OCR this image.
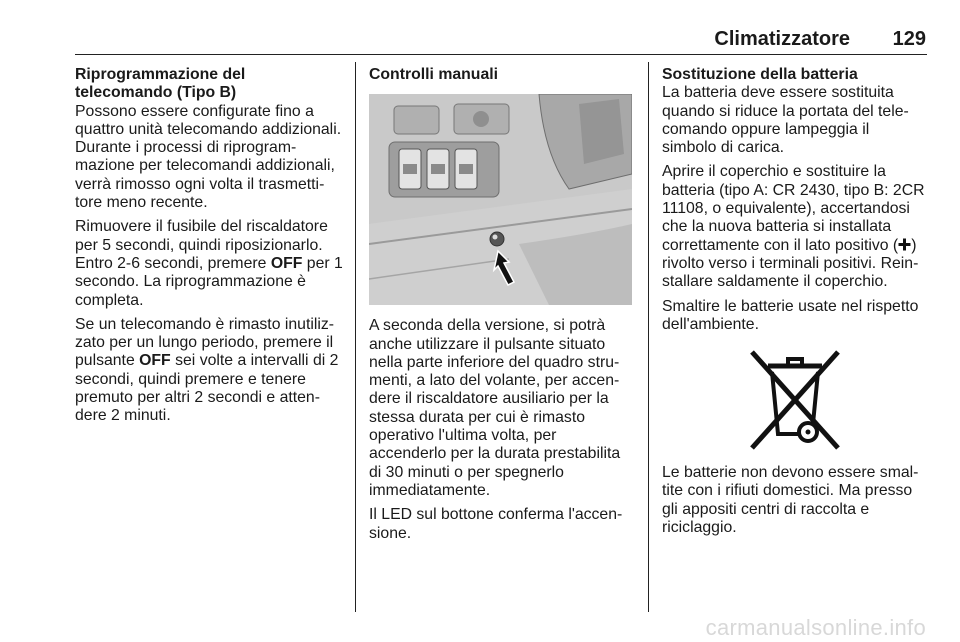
Climatizzatore 129
Riprogrammazione del telecomando (Tipo B)

Possono essere configurate fino a quattro unità telecomando addizionali. Durante i processi di riprogrammazione per telecomandi addizionali, verrà rimosso ogni volta il trasmettitore meno recente.

Rimuovere il fusibile del riscaldatore per 5 secondi, quindi riposizionarlo. Entro 2-6 secondi, premere OFF per 1 secondo. La riprogrammazione è completa.

Se un telecomando è rimasto inutilizzato per un lungo periodo, premere il pulsante OFF sei volte a intervalli di 2 secondi, quindi premere e tenere premuto per altri 2 secondi e attendere 2 minuti.

Controlli manuali

A seconda della versione, si potrà anche utilizzare il pulsante situato nella parte inferiore del quadro strumenti, a lato del volante, per accendere il riscaldatore ausiliario per la stessa durata per cui è rimasto operativo l'ultima volta, per accenderlo per la durata prestabilita di 30 minuti o per spegnerlo immediatamente.

Il LED sul bottone conferma l'accensione.

Sostituzione della batteria

La batteria deve essere sostituita quando si riduce la portata del telecomando oppure lampeggia il simbolo di carica.

Aprire il coperchio e sostituire la batteria (tipo A: CR 2430, tipo B: 2CR 11108, o equivalente), accertandosi che la nuova batteria si installata correttamente con il lato positivo ( ) rivolto verso i terminali positivi. Reinstallare saldamente il coperchio.

Smaltire le batterie usate nel rispetto dell'ambiente.

Le batterie non devono essere smaltite con i rifiuti domestici. Ma presso gli appositi centri di raccolta e riciclaggio.

carmanualsonline.info
